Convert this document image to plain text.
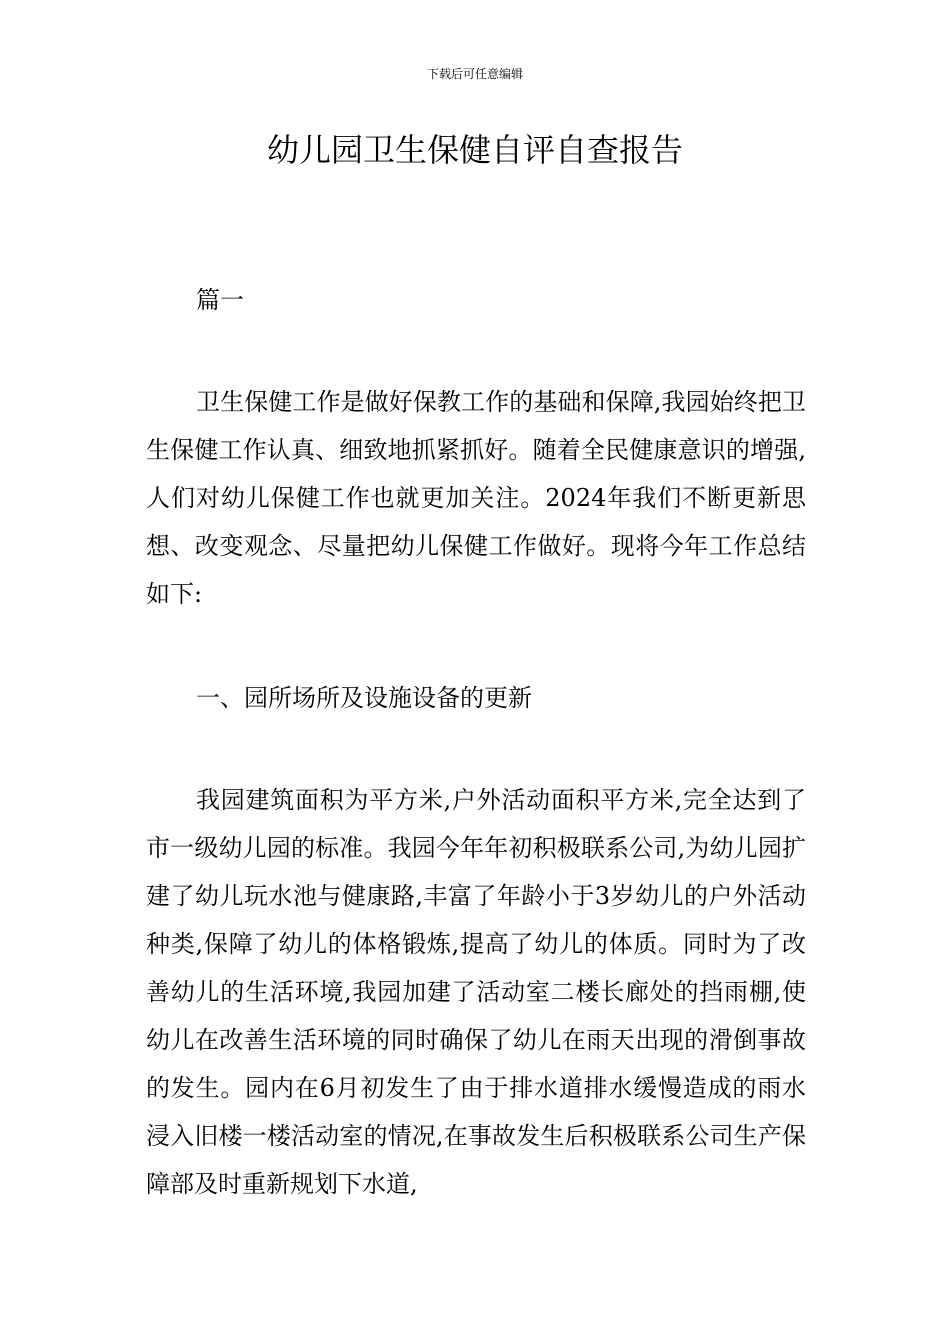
下载后可任意编辑
幼儿园卫生保健自评自查报告

篇一

卫生保健工作是做好保教工作的基础和保障,我园始终把卫生保健工作认真、细致地抓紧抓好。随着全民健康意识的增强,人们对幼儿保健工作也就更加关注。2024年我们不断更新思想、改变观念、尽量把幼儿保健工作做好。现将今年工作总结如下:

一、园所场所及设施设备的更新

我园建筑面积为平方米,户外活动面积平方米,完全达到了市一级幼儿园的标准。我园今年年初积极联系公司,为幼儿园扩建了幼儿玩水池与健康路,丰富了年龄小于3岁幼儿的户外活动种类,保障了幼儿的体格锻炼,提高了幼儿的体质。同时为了改善幼儿的生活环境,我园加建了活动室二楼长廊处的挡雨棚,使幼儿在改善生活环境的同时确保了幼儿在雨天出现的滑倒事故的发生。园内在6月初发生了由于排水道排水缓慢造成的雨水浸入旧楼一楼活动室的情况,在事故发生后积极联系公司生产保障部及时重新规划下水道,
